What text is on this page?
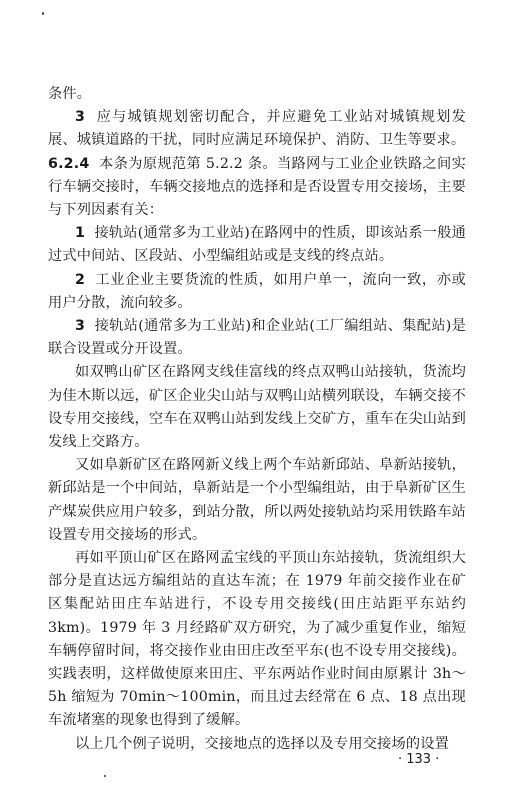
条件。

3 应与城镇规划密切配合，并应避免工业站对城镇规划发展、城镇道路的干扰，同时应满足环境保护、消防、卫生等要求。

6.2.4 本条为原规范第 5.2.2 条。当路网与工业企业铁路之间实行车辆交接时，车辆交接地点的选择和是否设置专用交接场，主要与下列因素有关：

1 接轨站(通常多为工业站)在路网中的性质，即该站系一般通过式中间站、区段站、小型编组站或是支线的终点站。

2 工业企业主要货流的性质，如用户单一，流向一致，亦或用户分散，流向较多。

3 接轨站(通常多为工业站)和企业站(工厂编组站、集配站)是联合设置或分开设置。

如双鸭山矿区在路网支线佳富线的终点双鸭山站接轨，货流均为佳木斯以远，矿区企业尖山站与双鸭山站横列联设，车辆交接不设专用交接线，空车在双鸭山站到发线上交矿方，重车在尖山站到发线上交路方。

又如阜新矿区在路网新义线上两个车站新邱站、阜新站接轨，新邱站是一个中间站，阜新站是一个小型编组站，由于阜新矿区生产煤炭供应用户较多，到站分散，所以两处接轨站均采用铁路车站设置专用交接场的形式。

再如平顶山矿区在路网孟宝线的平顶山东站接轨，货流组织大部分是直达远方编组站的直达车流；在 1979 年前交接作业在矿区集配站田庄车站进行，不设专用交接线(田庄站距平东站约 3km)。1979 年 3 月经路矿双方研究，为了减少重复作业，缩短车辆停留时间，将交接作业由田庄改至平东(也不设专用交接线)。实践表明，这样做使原来田庄、平东两站作业时间由原累计 3h～5h 缩短为 70min～100min，而且过去经常在 6 点、18 点出现车流堵塞的现象也得到了缓解。

以上几个例子说明，交接地点的选择以及专用交接场的设置

· 133 ·
